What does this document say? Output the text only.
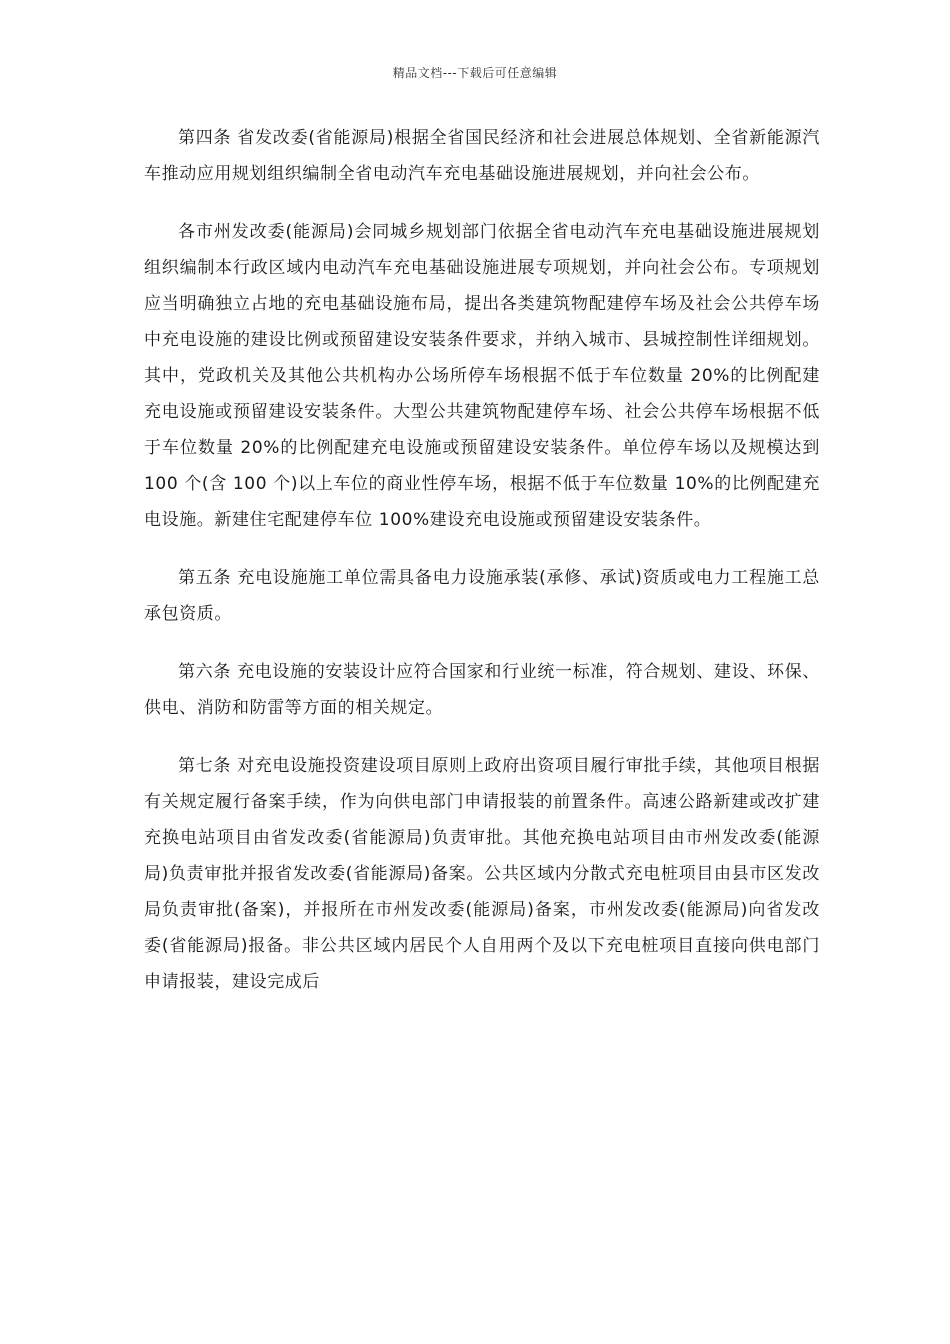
精品文档---下载后可任意编辑

第四条 省发改委(省能源局)根据全省国民经济和社会进展总体规划、全省新能源汽车推动应用规划组织编制全省电动汽车充电基础设施进展规划，并向社会公布。

各市州发改委(能源局)会同城乡规划部门依据全省电动汽车充电基础设施进展规划组织编制本行政区域内电动汽车充电基础设施进展专项规划，并向社会公布。专项规划应当明确独立占地的充电基础设施布局，提出各类建筑物配建停车场及社会公共停车场中充电设施的建设比例或预留建设安装条件要求，并纳入城市、县城控制性详细规划。其中，党政机关及其他公共机构办公场所停车场根据不低于车位数量 20%的比例配建充电设施或预留建设安装条件。大型公共建筑物配建停车场、社会公共停车场根据不低于车位数量 20%的比例配建充电设施或预留建设安装条件。单位停车场以及规模达到 100 个(含 100 个)以上车位的商业性停车场，根据不低于车位数量 10%的比例配建充电设施。新建住宅配建停车位 100%建设充电设施或预留建设安装条件。

第五条 充电设施施工单位需具备电力设施承装(承修、承试)资质或电力工程施工总承包资质。

第六条 充电设施的安装设计应符合国家和行业统一标准，符合规划、建设、环保、供电、消防和防雷等方面的相关规定。

第七条 对充电设施投资建设项目原则上政府出资项目履行审批手续，其他项目根据有关规定履行备案手续，作为向供电部门申请报装的前置条件。高速公路新建或改扩建充换电站项目由省发改委(省能源局)负责审批。其他充换电站项目由市州发改委(能源局)负责审批并报省发改委(省能源局)备案。公共区域内分散式充电桩项目由县市区发改局负责审批(备案)，并报所在市州发改委(能源局)备案，市州发改委(能源局)向省发改委(省能源局)报备。非公共区域内居民个人自用两个及以下充电桩项目直接向供电部门申请报装，建设完成后
